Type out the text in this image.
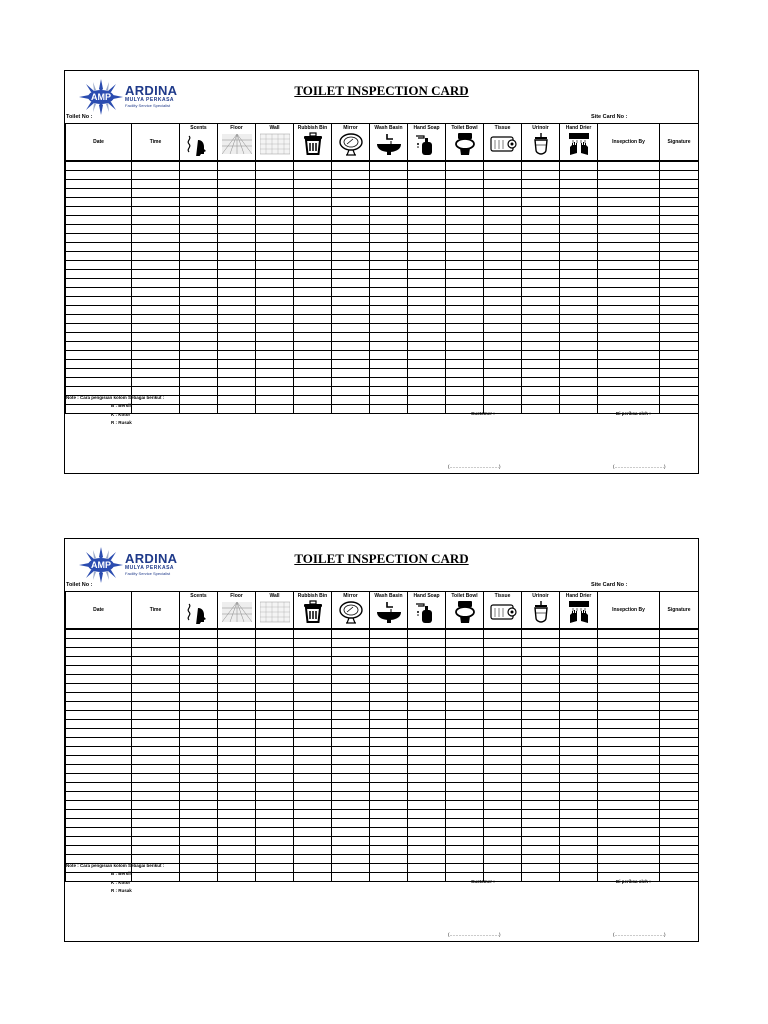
AMP ARDINA
MULYA PERKASA
Facility Service Specialist
TOILET INSPECTION CARD
Toilet No :	Site Card No :
Date	Time	Scents	Floor	Wall	Rubbish Bin	Mirror	Wash Basin	Hand Soap	Toilet Bowl	Tissue	Urinoir	Hand Drier	Insepction By	Signature

Note : Cara pengisian kolom Sebagai berikut :
B : Bersih
K : Kotor
R : Rusak
Customer :	Di periksa oleh :
(……………………………)	(……………………………)
AMP ARDINA
MULYA PERKASA
Facility Service Specialist
TOILET INSPECTION CARD
Toilet No :	Site Card No :
Date	Time	Scents	Floor	Wall	Rubbish Bin	Mirror	Wash Basin	Hand Soap	Toilet Bowl	Tissue	Urinoir	Hand Drier	Insepction By	Signature

Note : Cara pengisian kolom Sebagai berikut :
B : Bersih
K : Kotor
R : Rusak
Customer :	Di periksa oleh :
(……………………………)	(……………………………)
